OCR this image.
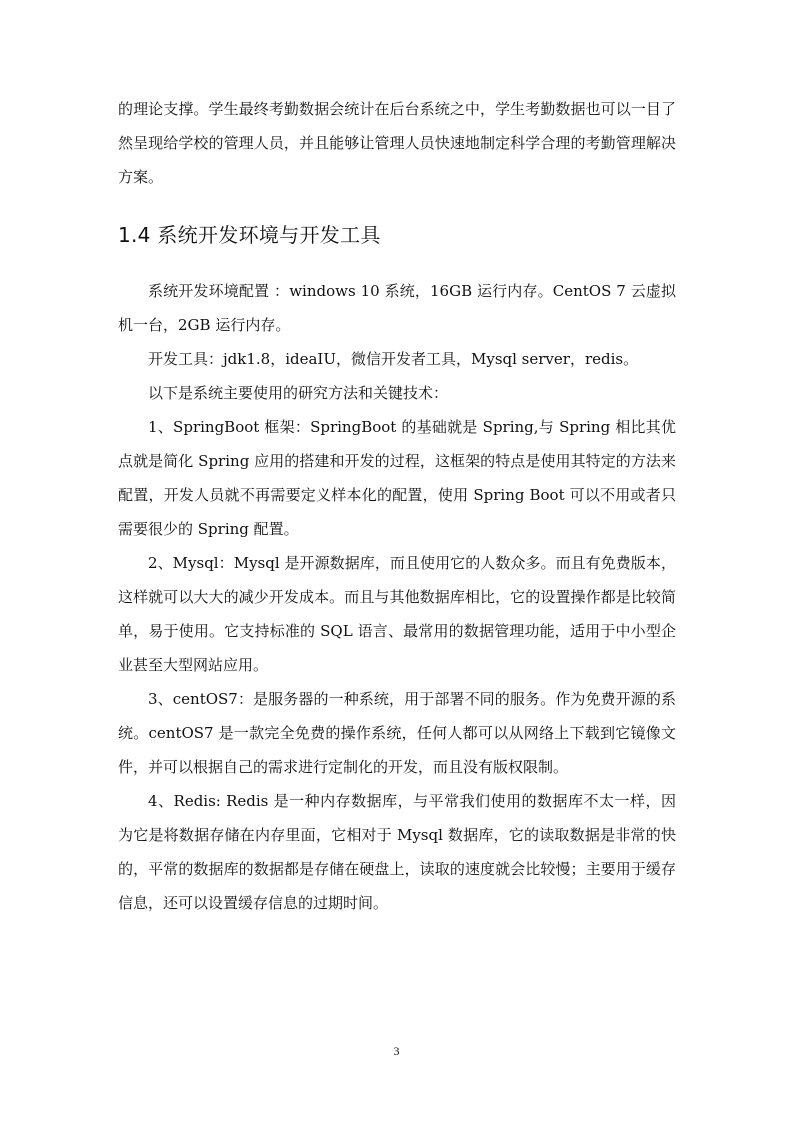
的理论支撑。学生最终考勤数据会统计在后台系统之中，学生考勤数据也可以一目了然呈现给学校的管理人员，并且能够让管理人员快速地制定科学合理的考勤管理解决方案。

1.4 系统开发环境与开发工具

系统开发环境配置 ：windows 10 系统，16GB 运行内存。CentOS 7 云虚拟机一台，2GB 运行内存。

开发工具：jdk1.8，ideaIU，微信开发者工具，Mysql server，redis。

以下是系统主要使用的研究方法和关键技术：

1、SpringBoot 框架：SpringBoot 的基础就是 Spring,与 Spring 相比其优点就是简化 Spring 应用的搭建和开发的过程，这框架的特点是使用其特定的方法来配置，开发人员就不再需要定义样本化的配置，使用 Spring Boot 可以不用或者只需要很少的 Spring 配置。

2、Mysql：Mysql 是开源数据库，而且使用它的人数众多。而且有免费版本，这样就可以大大的减少开发成本。而且与其他数据库相比，它的设置操作都是比较简单，易于使用。它支持标准的 SQL 语言、最常用的数据管理功能，适用于中小型企业甚至大型网站应用。

3、centOS7：是服务器的一种系统，用于部署不同的服务。作为免费开源的系统。centOS7 是一款完全免费的操作系统，任何人都可以从网络上下载到它镜像文件，并可以根据自己的需求进行定制化的开发，而且没有版权限制。

4、Redis: Redis 是一种内存数据库，与平常我们使用的数据库不太一样，因为它是将数据存储在内存里面，它相对于 Mysql 数据库，它的读取数据是非常的快的，平常的数据库的数据都是存储在硬盘上，读取的速度就会比较慢；主要用于缓存信息，还可以设置缓存信息的过期时间。

3
